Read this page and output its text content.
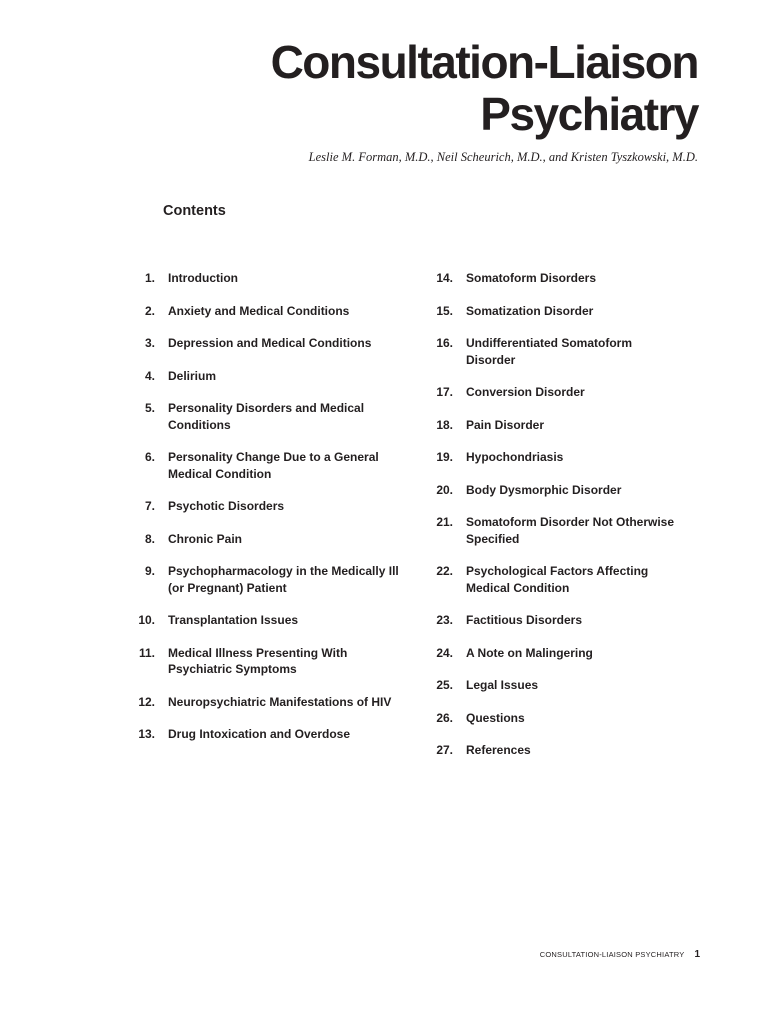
Consultation-Liaison
Psychiatry
Leslie M. Forman, M.D., Neil Scheurich, M.D., and Kristen Tyszkowski, M.D.
Contents
1. Introduction
2. Anxiety and Medical Conditions
3. Depression and Medical Conditions
4. Delirium
5. Personality Disorders and Medical Conditions
6. Personality Change Due to a General Medical Condition
7. Psychotic Disorders
8. Chronic Pain
9. Psychopharmacology in the Medically Ill (or Pregnant) Patient
10. Transplantation Issues
11. Medical Illness Presenting With Psychiatric Symptoms
12. Neuropsychiatric Manifestations of HIV
13. Drug Intoxication and Overdose
14. Somatoform Disorders
15. Somatization Disorder
16. Undifferentiated Somatoform Disorder
17. Conversion Disorder
18. Pain Disorder
19. Hypochondriasis
20. Body Dysmorphic Disorder
21. Somatoform Disorder Not Otherwise Specified
22. Psychological Factors Affecting Medical Condition
23. Factitious Disorders
24. A Note on Malingering
25. Legal Issues
26. Questions
27. References
CONSULTATION-LIAISON PSYCHIATRY 1
